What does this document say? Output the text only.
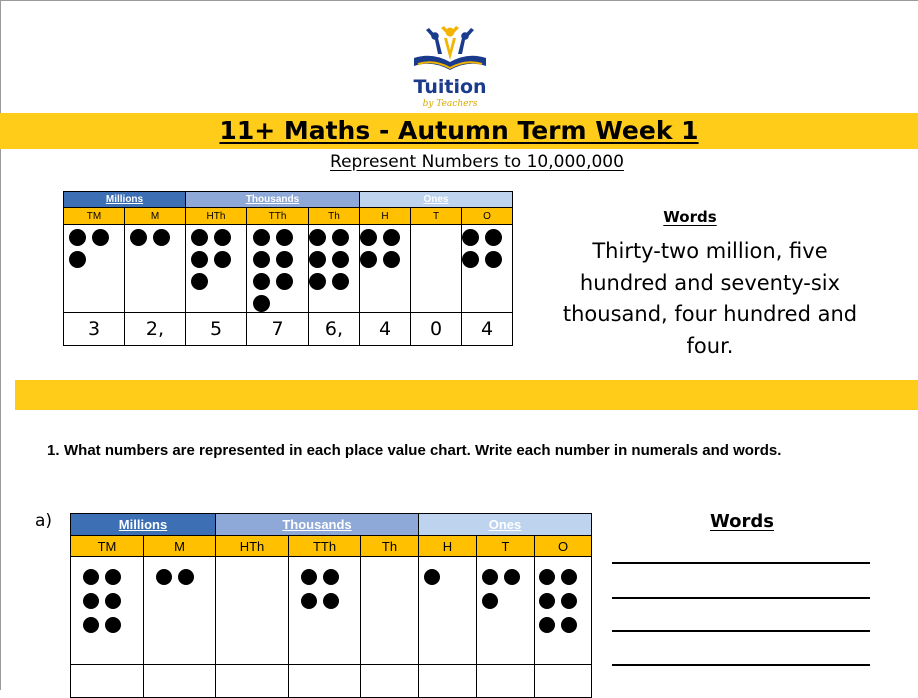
Tuition
by Teachers
11+ Maths - Autumn Term Week 1
Represent Numbers to 10,000,000
Millions		Thousands			Ones		
TM	M	HTh	TTh	Th	H	T	O

3	2,	5	7	6,	4	0	4
Words
Thirty-two million, five hundred and seventy-six thousand, four hundred and four.
1. What numbers are represented in each place value chart. Write each number in numerals and words.
a)	Millions		Thousands			Ones		
TM	M	HTh	TTh	Th	H	T	O

Words
